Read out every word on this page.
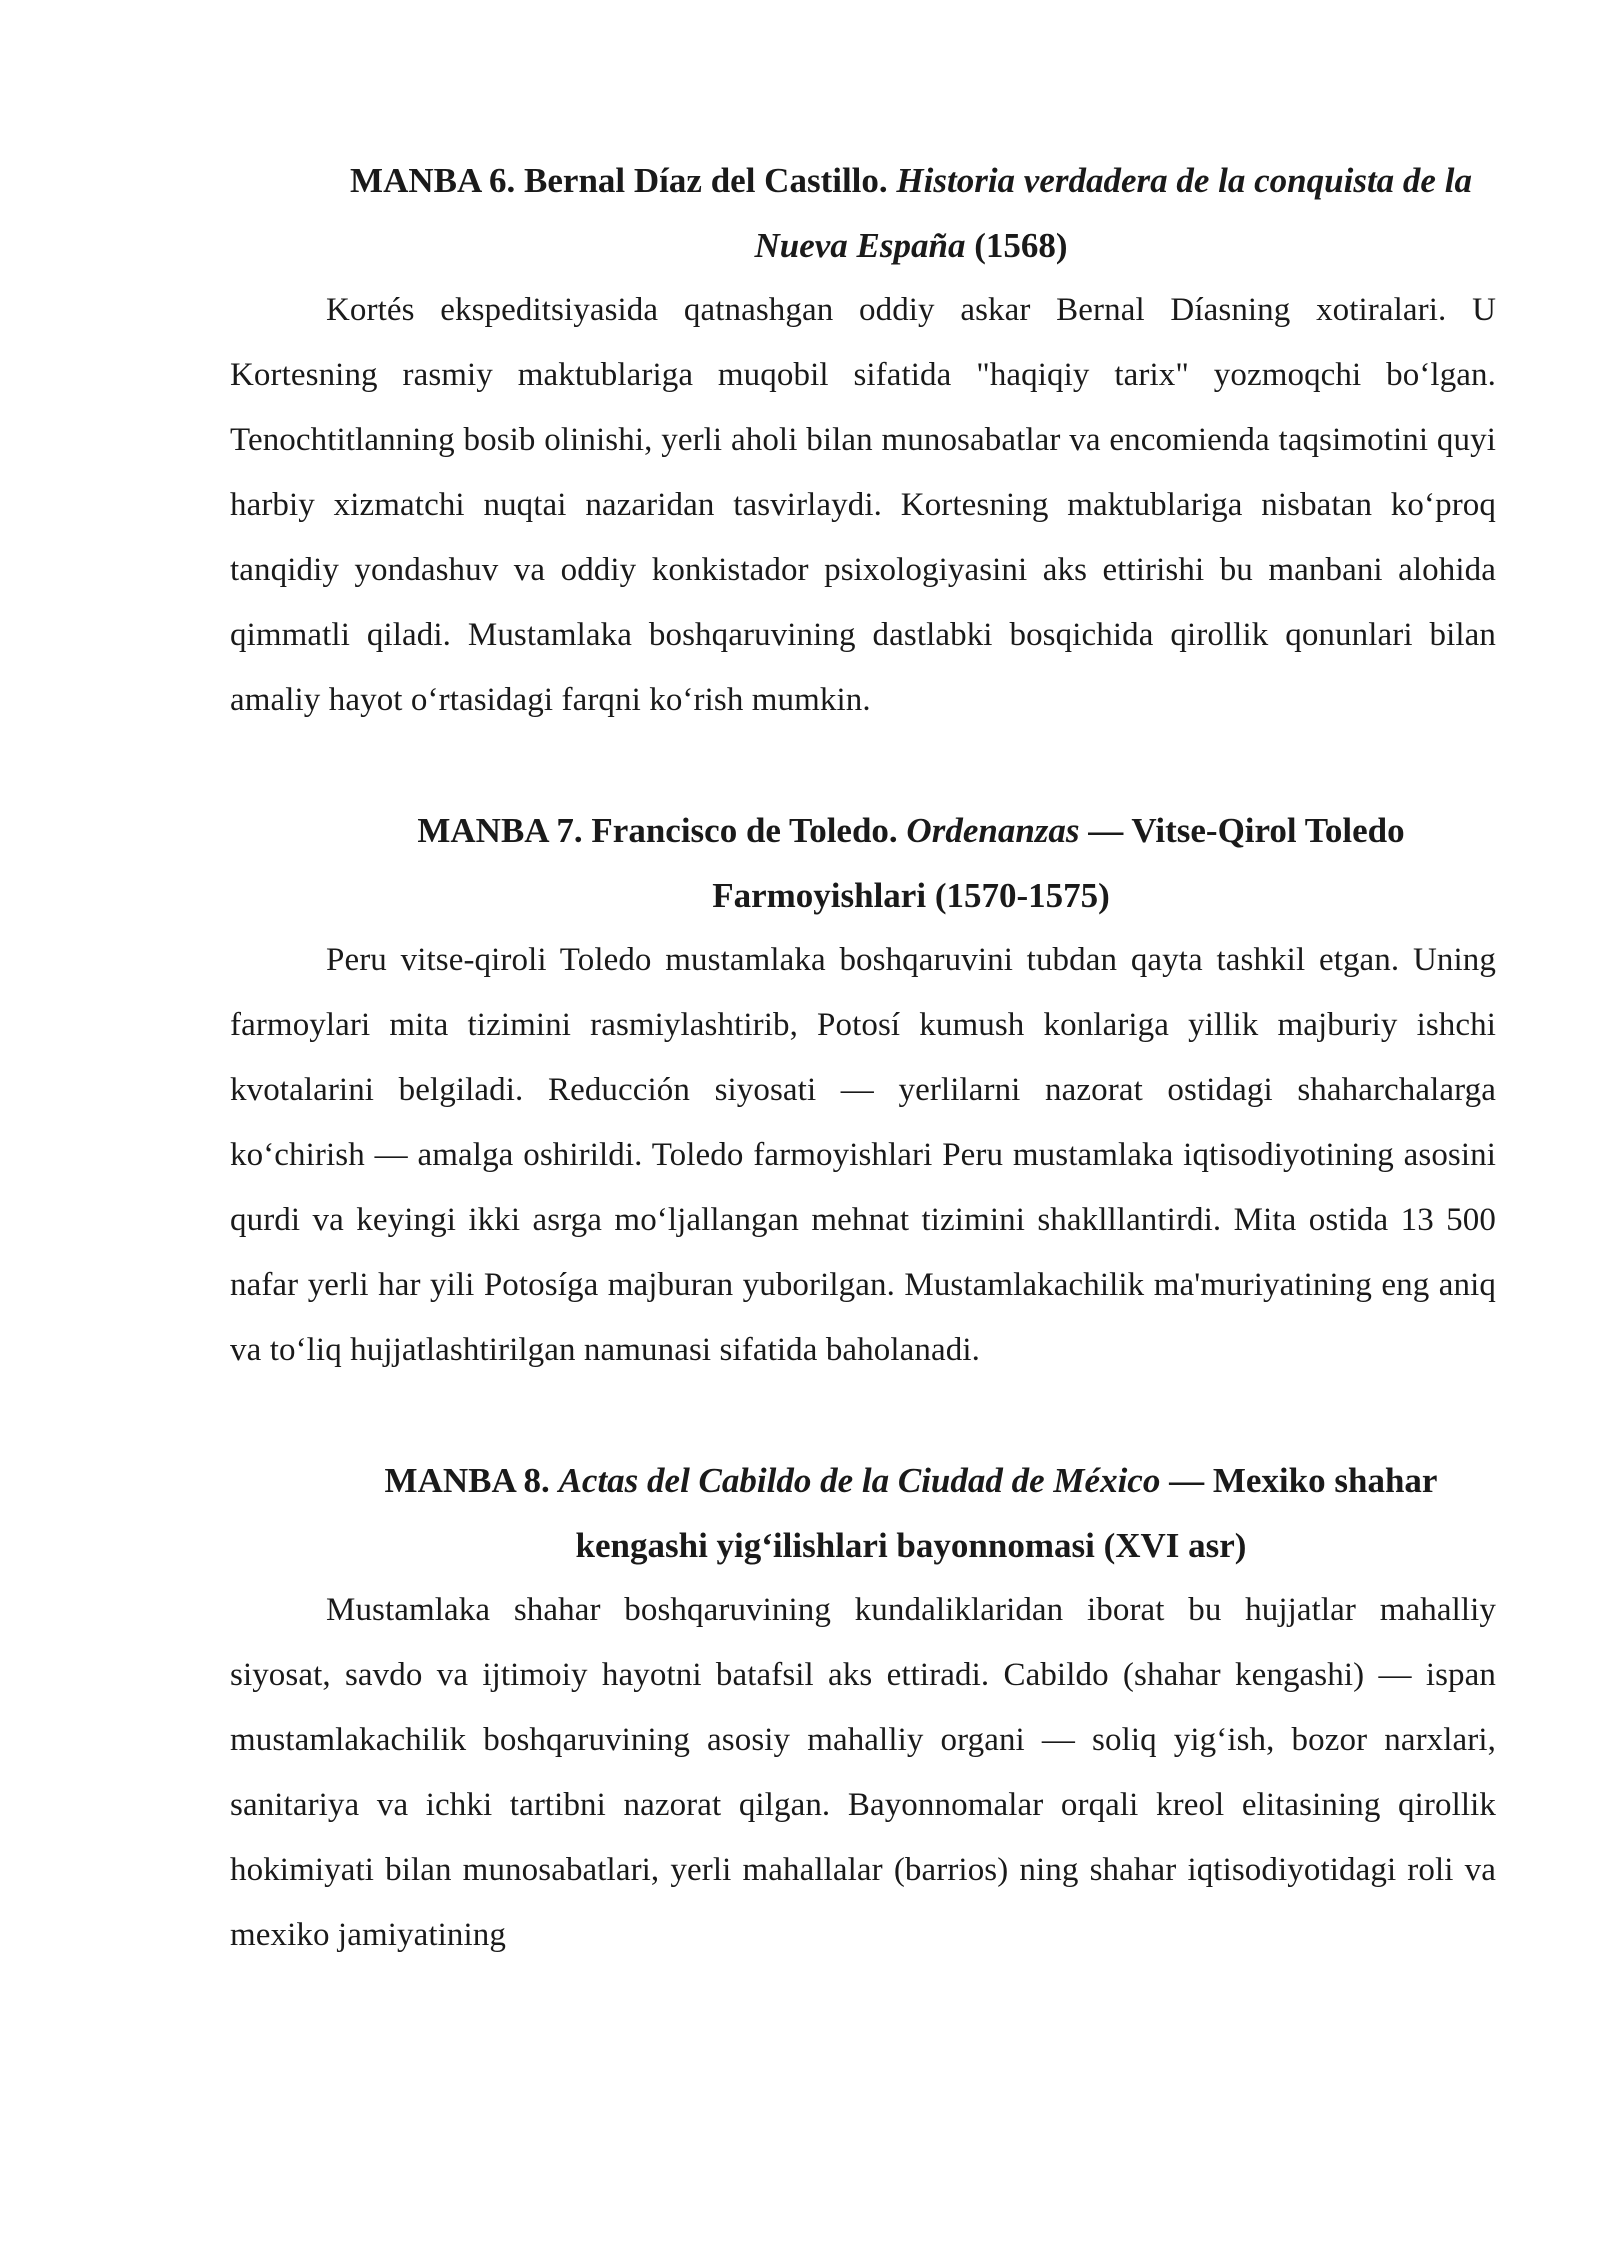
MANBA 6. Bernal Díaz del Castillo. Historia verdadera de la conquista de la Nueva España (1568)

Kortés ekspeditsiyasida qatnashgan oddiy askar Bernal Díasning xotiralari. U Kortesning rasmiy maktublariga muqobil sifatida "haqiqiy tarix" yozmoqchi boʻlgan. Tenochtitlanning bosib olinishi, yerli aholi bilan munosabatlar va encomienda taqsimotini quyi harbiy xizmatchi nuqtai nazaridan tasvirlaydi. Kortesning maktublariga nisbatan koʻproq tanqidiy yondashuv va oddiy konkistador psixologiyasini aks ettirishi bu manbani alohida qimmatli qiladi. Mustamlaka boshqaruvining dastlabki bosqichida qirollik qonunlari bilan amaliy hayot oʻrtasidagi farqni koʻrish mumkin.

MANBA 7. Francisco de Toledo. Ordenanzas — Vitse-Qirol Toledo Farmoyishlari (1570-1575)

Peru vitse-qiroli Toledo mustamlaka boshqaruvini tubdan qayta tashkil etgan. Uning farmoylari mita tizimini rasmiylashtirib, Potosí kumush konlariga yillik majburiy ishchi kvotalarini belgiladi. Reducción siyosati — yerlilarni nazorat ostidagi shaharchalarga koʻchirish — amalga oshirildi. Toledo farmoyishlari Peru mustamlaka iqtisodiyotining asosini qurdi va keyingi ikki asrga moʻljallangan mehnat tizimini shaklllantirdi. Mita ostida 13 500 nafar yerli har yili Potosíga majburan yuborilgan. Mustamlakachilik ma'muriyatining eng aniq va toʻliq hujjatlashtirilgan namunasi sifatida baholanadi.

MANBA 8. Actas del Cabildo de la Ciudad de México — Mexiko shahar kengashi yigʻilishlari bayonnomasi (XVI asr)

Mustamlaka shahar boshqaruvining kundaliklaridan iborat bu hujjatlar mahalliy siyosat, savdo va ijtimoiy hayotni batafsil aks ettiradi. Cabildo (shahar kengashi) — ispan mustamlakachilik boshqaruvining asosiy mahalliy organi — soliq yigʻish, bozor narxlari, sanitariya va ichki tartibni nazorat qilgan. Bayonnomalar orqali kreol elitasining qirollik hokimiyati bilan munosabatlari, yerli mahallalar (barrios) ning shahar iqtisodiyotidagi roli va mexiko jamiyatining
